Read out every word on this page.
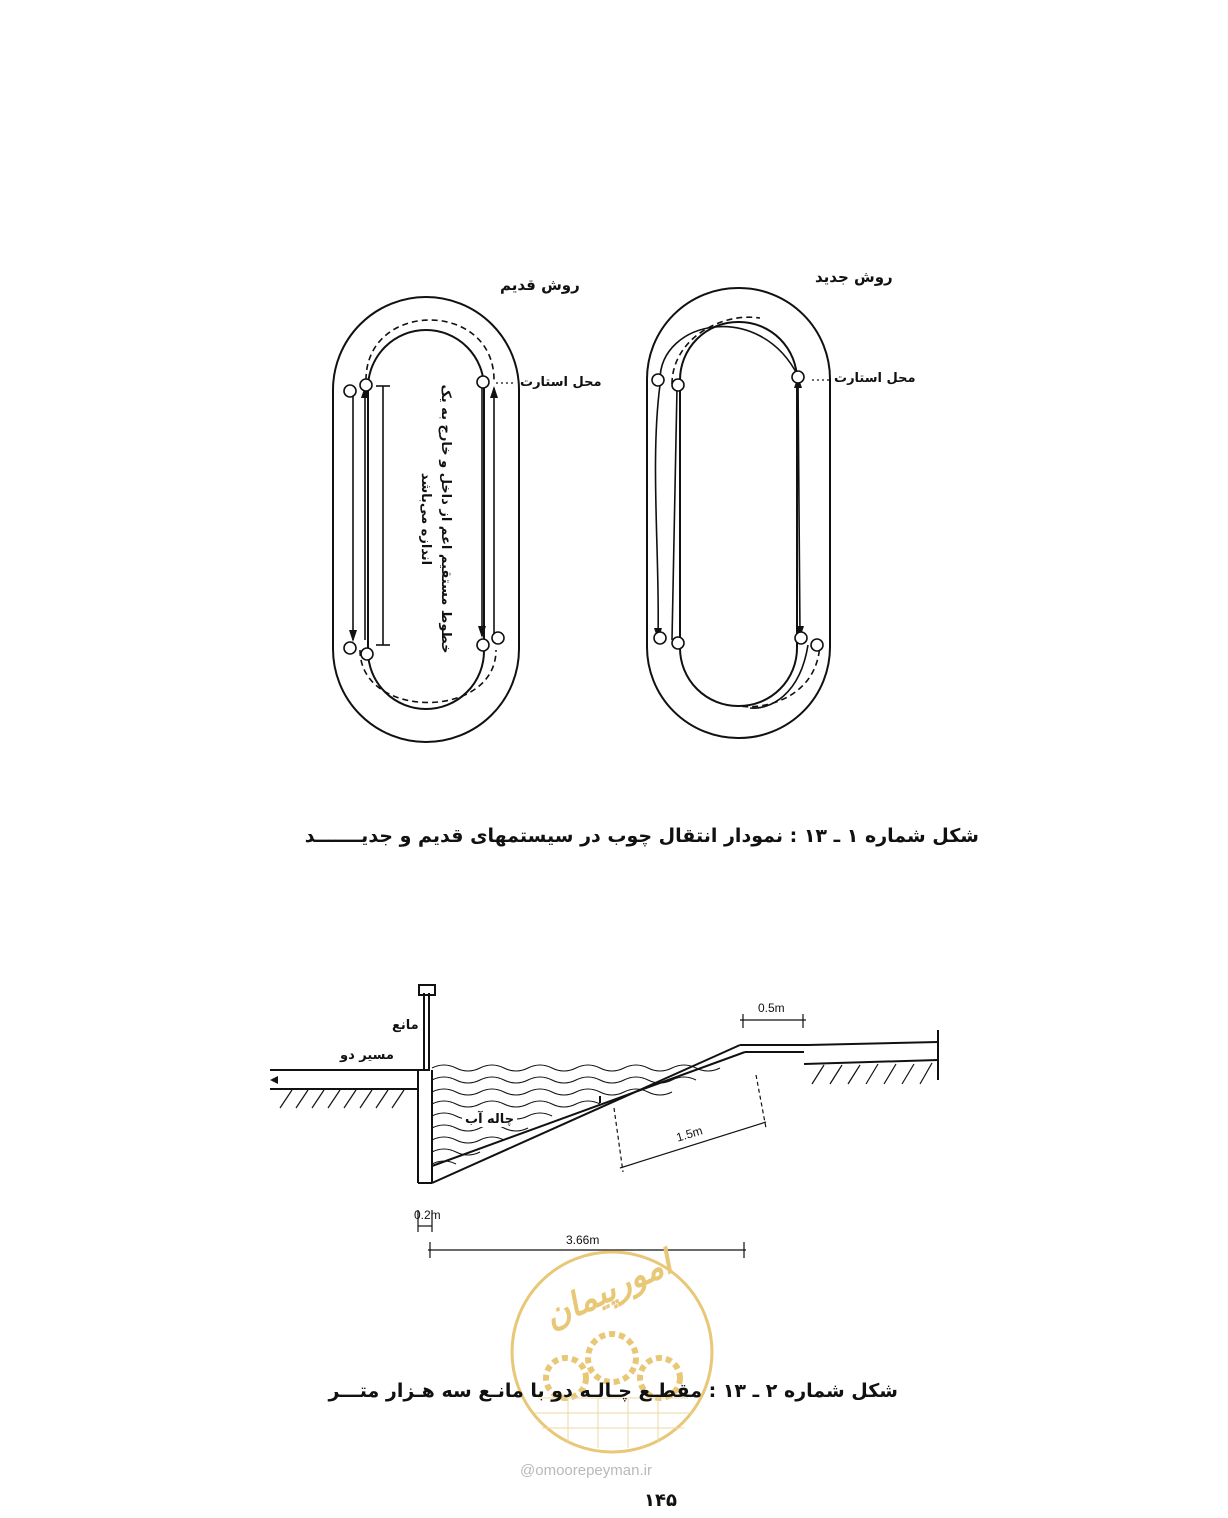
روش قدیم	روش جدید
محل استارت	محل استارت
خطوط مستقیم اعم از داخل و خارج به یک
اندازه می‌باشد
شکل شماره ۱ ـ ۱۳ : نمودار انتقال چوب در سیستمهای قدیم و جدیـــــــد
مانع
مسیر دو
چاله آب
0.5m
1.5m
0.2m
3.66m
امورپیمان
شکل شماره ۲ ـ ۱۳ : مقطـع چـالـه دو با مانـع سه هـزار متـــر
@omoorepeyman.ir
۱۴۵
